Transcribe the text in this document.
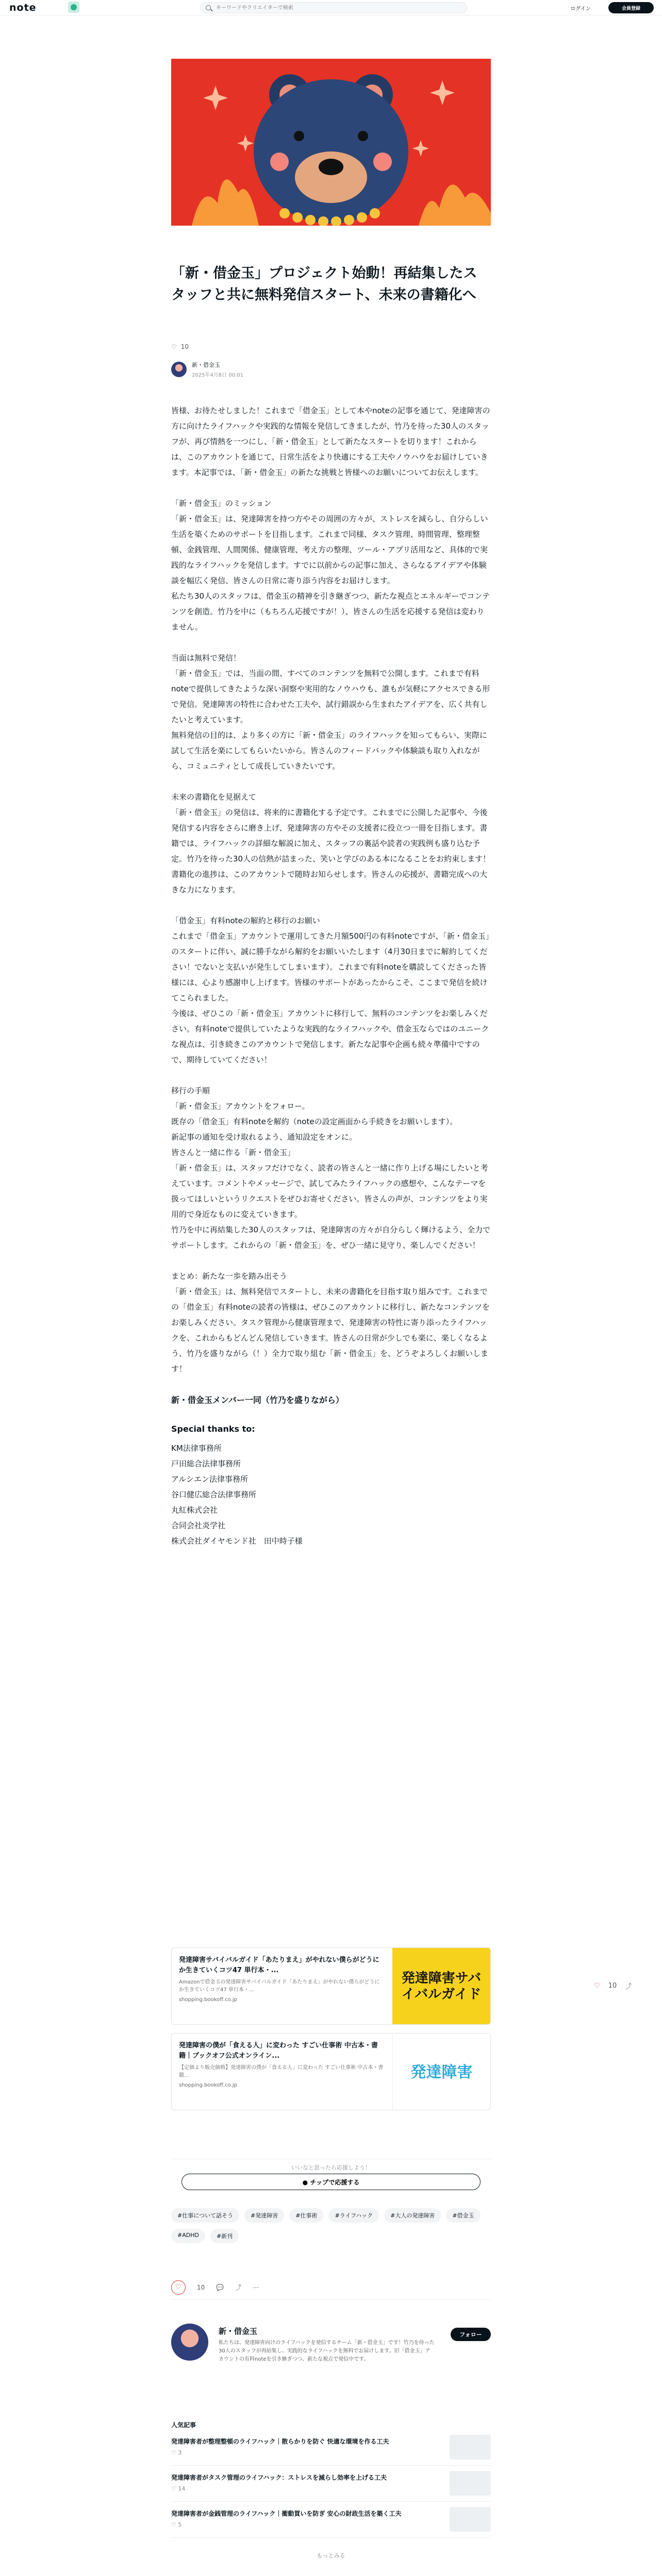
note
キーワードやクリエイターで検索	ログイン	会員登録
「新・借金玉」プロジェクト始動！再結集したスタッフと共に無料発信スタート、未来の書籍化へ
♡ 10
新・借金玉
2025年4月8日 00:01

皆様、お待たせしました！これまで「借金玉」として本やnoteの記事を通じて、発達障害の方に向けたライフハックや実践的な情報を発信してきましたが、竹乃を待った30人のスタッフが、再び情熱を一つにし、「新・借金玉」として新たなスタートを切ります！これからは、このアカウントを通じて、日常生活をより快適にする工夫やノウハウをお届けしていきます。本記事では、「新・借金玉」の新たな挑戦と皆様へのお願いについてお伝えします。

「新・借金玉」のミッション
「新・借金玉」は、発達障害を持つ方やその周囲の方々が、ストレスを減らし、自分らしい生活を築くためのサポートを目指します。これまで同様、タスク管理、時間管理、整理整頓、金銭管理、人間関係、健康管理、考え方の整理、ツール・アプリ活用など、具体的で実践的なライフハックを発信します。すでに以前からの記事に加え、さらなるアイデアや体験談を幅広く発信、皆さんの日常に寄り添う内容をお届けします。
私たち30人のスタッフは、借金玉の精神を引き継ぎつつ、新たな視点とエネルギーでコンテンツを創造。竹乃を中に（もちろん応援ですが！）、皆さんの生活を応援する発信は変わりません。

当面は無料で発信！
「新・借金玉」では、当面の間、すべてのコンテンツを無料で公開します。これまで有料noteで提供してきたような深い洞察や実用的なノウハウも、誰もが気軽にアクセスできる形で発信。発達障害の特性に合わせた工夫や、試行錯誤から生まれたアイデアを、広く共有したいと考えています。
無料発信の目的は、より多くの方に「新・借金玉」のライフハックを知ってもらい、実際に試して生活を楽にしてもらいたいから。皆さんのフィードバックや体験談も取り入れながら、コミュニティとして成長していきたいです。

未来の書籍化を見据えて
「新・借金玉」の発信は、将来的に書籍化する予定です。これまでに公開した記事や、今後発信する内容をさらに磨き上げ、発達障害の方やその支援者に役立つ一冊を目指します。書籍では、ライフハックの詳細な解説に加え、スタッフの裏話や読者の実践例も盛り込む予定。竹乃を待った30人の信熱が詰まった、笑いと学びのある本になることをお約束します！
書籍化の進捗は、このアカウントで随時お知らせします。皆さんの応援が、書籍完成への大きな力になります。

「借金玉」有料noteの解約と移行のお願い
これまで「借金玉」アカウントで運用してきた月額500円の有料noteですが、「新・借金玉」のスタートに伴い、誠に勝手ながら解約をお願いいたします（4月30日までに解約してください！でないと支払いが発生してしまいます）。これまで有料noteを購読してくださった皆様には、心より感謝申し上げます。皆様のサポートがあったからこそ、ここまで発信を続けてこられました。
今後は、ぜひこの「新・借金玉」アカウントに移行して、無料のコンテンツをお楽しみください。有料noteで提供していたような実践的なライフハックや、借金玉ならではのユニークな視点は、引き続きこのアカウントで発信します。新たな記事や企画も続々準備中ですので、期待していてください！

移行の手順
「新・借金玉」アカウントをフォロー。
既存の「借金玉」有料noteを解約（noteの設定画面から手続きをお願いします）。
新記事の通知を受け取れるよう、通知設定をオンに。
皆さんと一緒に作る「新・借金玉」
「新・借金玉」は、スタッフだけでなく、読者の皆さんと一緒に作り上げる場にしたいと考えています。コメントやメッセージで、試してみたライフハックの感想や、こんなテーマを扱ってほしいというリクエストをぜひお寄せください。皆さんの声が、コンテンツをより実用的で身近なものに変えていきます。
竹乃を中に再結集した30人のスタッフは、発達障害の方々が自分らしく輝けるよう、全力でサポートします。これからの「新・借金玉」を、ぜひ一緒に見守り、楽しんでください！

まとめ：新たな一歩を踏み出そう
「新・借金玉」は、無料発信でスタートし、未来の書籍化を目指す取り組みです。これまでの「借金玉」有料noteの読者の皆様は、ぜひこのアカウントに移行し、新たなコンテンツをお楽しみください。タスク管理から健康管理まで、発達障害の特性に寄り添ったライフハックを、これからもどんどん発信していきます。皆さんの日常が少しでも楽に、楽しくなるよう、竹乃を盛りながら（！）全力で取り組む「新・借金玉」を、どうぞよろしくお願いします！

新・借金玉メンバー一同（竹乃を盛りながら）
Special thanks to:

KM法律事務所

戸田総合法律事務所

アルシエン法律事務所

谷口健広総合法律事務所

丸紅株式会社

合同会社炎学社

株式会社ダイヤモンド社　田中時子様

発達障害サバイバルガイド「あたりまえ」がやれない僕らがどうにか生きていくコツ47 単行本・...
Amazonで借金玉の発達障害サバイバルガイド「あたりまえ」がやれない僕らがどうにか生きていくコツ47 単行本・...
shopping.bookoff.co.jp
発達障害サバイバルガイド
発達障害の僕が「食える人」に変わった すごい仕事術 中古本・書籍｜ブックオフ公式オンライン...
【定価より販売価格】発達障害の僕が「食える人」に変わった すごい仕事術 中古本・書籍...
shopping.bookoff.co.jp
発達障害
♡ 10 ⤴
いいなと思ったら応援しよう！
● チップで応援する
#仕事について話そう	#発達障害	#仕事術	#ライフハック	#大人の発達障害	#借金玉
#ADHD	#新刊
♡	10 💬 ⤴ ⋯
新・借金玉
私たちは、発達障害向けのライフハックを発信するチーム「新・借金玉」です！竹乃を待った30人のスタッフが再結集し、実践的なライフハックを無料でお届けします。旧「借金玉」アカウントの有料noteを引き継ぎつつ、新たな視点で発信中です。
フォロー
人気記事
発達障害者が整理整頓のライフハック｜散らかりを防ぐ 快適な環境を作る工夫
♡ 3
発達障害者がタスク管理のライフハック：ストレスを減らし効率を上げる工夫
♡ 14
発達障害者が金銭管理のライフハック｜衝動買いを防ぎ 安心の財政生活を築く工夫
♡ 5
もっとみる
